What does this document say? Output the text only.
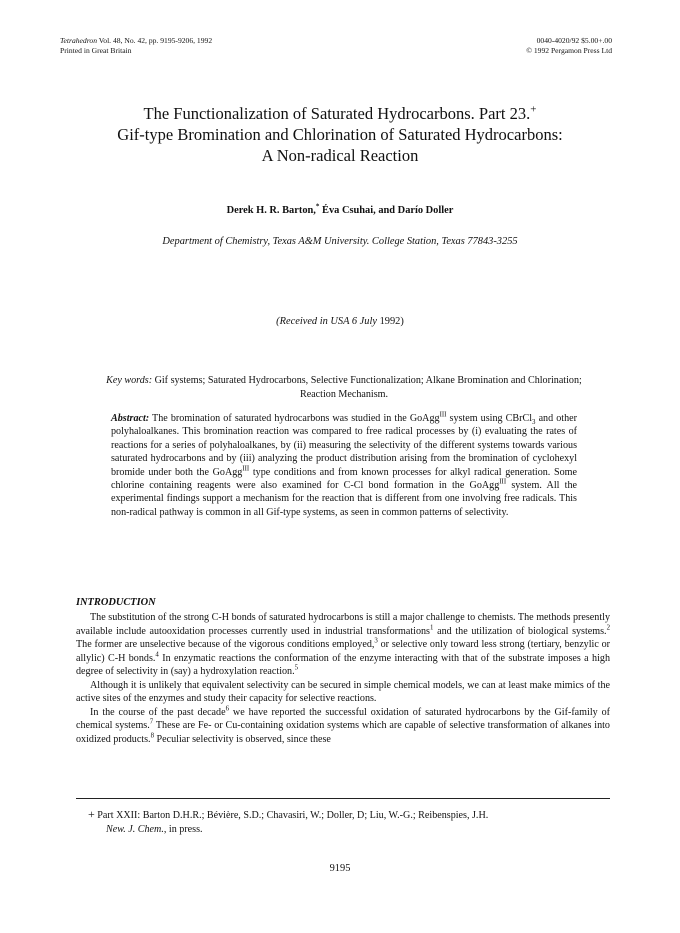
Tetrahedron Vol. 48, No. 42, pp. 9195-9206, 1992
Printed in Great Britain
0040-4020/92 $5.00+.00
© 1992 Pergamon Press Ltd
The Functionalization of Saturated Hydrocarbons. Part 23.+
Gif-type Bromination and Chlorination of Saturated Hydrocarbons:
A Non-radical Reaction
Derek H. R. Barton,* Éva Csuhai, and Darío Doller
Department of Chemistry, Texas A&M University. College Station, Texas 77843-3255
(Received in USA 6 July 1992)
Key words: Gif systems; Saturated Hydrocarbons, Selective Functionalization; Alkane Bromination and Chlorination; Reaction Mechanism.

Abstract: The bromination of saturated hydrocarbons was studied in the GoAgg$^{III}$ system using CBrCl$_3$ and other polyhaloalkanes. This bromination reaction was compared to free radical processes by (i) evaluating the rates of reactions for a series of polyhaloalkanes, by (ii) measuring the selectivity of the different systems towards various saturated hydrocarbons and by (iii) analyzing the product distribution arising from the bromination of cyclohexyl bromide under both the GoAgg$^{III}$ type conditions and from known processes for alkyl radical generation. Some chlorine containing reagents were also examined for C-Cl bond formation in the GoAgg$^{III}$ system. All the experimental findings support a mechanism for the reaction that is different from one involving free radicals. This non-radical pathway is common in all Gif-type systems, as seen in common patterns of selectivity.

INTRODUCTION

The substitution of the strong C-H bonds of saturated hydrocarbons is still a major challenge to chemists. The methods presently available include autooxidation processes currently used in industrial transformations$^1$ and the utilization of biological systems.$^2$ The former are unselective because of the vigorous conditions employed,$^3$ or selective only toward less strong (tertiary, benzylic or allylic) C-H bonds.$^4$ In enzymatic reactions the conformation of the enzyme interacting with that of the substrate imposes a high degree of selectivity in (say) a hydroxylation reaction.$^5$

Although it is unlikely that equivalent selectivity can be secured in simple chemical models, we can at least make mimics of the active sites of the enzymes and study their capacity for selective reactions.

In the course of the past decade$^6$ we have reported the successful oxidation of saturated hydrocarbons by the Gif-family of chemical systems.$^7$ These are Fe- or Cu-containing oxidation systems which are capable of selective transformation of alkanes into oxidized products.$^8$ Peculiar selectivity is observed, since these

+ Part XXII: Barton D.H.R.; Bévière, S.D.; Chavasiri, W.; Doller, D; Liu, W.-G.; Reibenspies, J.H.
New. J. Chem., in press.
9195
